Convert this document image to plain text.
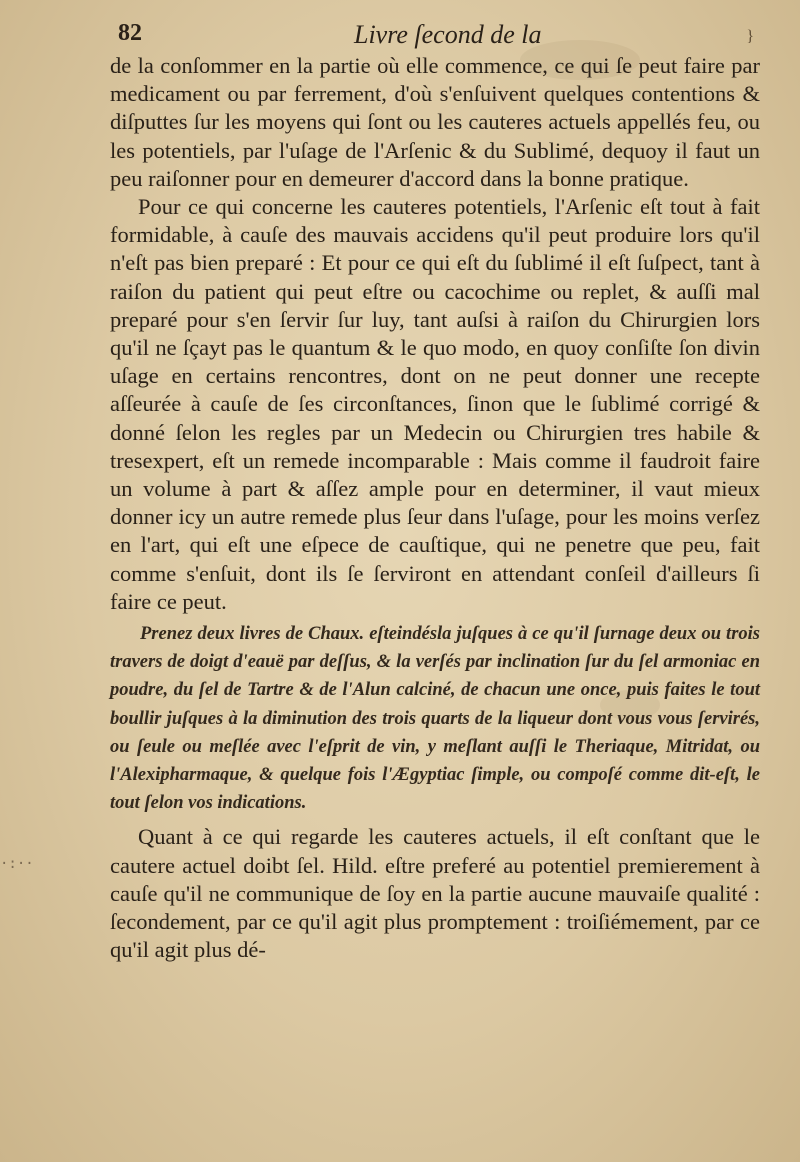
82	Livre ſecond de la	}
·:··

de la conſommer en la partie où elle commence, ce qui ſe peut faire par medicament ou par ferrement, d'où s'enſuivent quelques contentions & diſputtes ſur les moyens qui ſont ou les cauteres actuels appellés feu, ou les potentiels, par l'uſage de l'Arſenic & du Sublimé, dequoy il faut un peu raiſonner pour en demeurer d'accord dans la bonne pratique.

Pour ce qui concerne les cauteres potentiels, l'Arſenic eſt tout à fait formidable, à cauſe des mauvais accidens qu'il peut produire lors qu'il n'eſt pas bien preparé : Et pour ce qui eſt du ſublimé il eſt ſuſpect, tant à raiſon du patient qui peut eſtre ou cacochime ou replet, & auſſi mal preparé pour s'en ſervir ſur luy, tant auſsi à raiſon du Chirurgien lors qu'il ne ſçayt pas le quantum & le quo modo, en quoy conſiſte ſon divin uſage en certains rencontres, dont on ne peut donner une recepte aſſeurée à cauſe de ſes circonſtances, ſinon que le ſublimé corrigé & donné ſelon les regles par un Medecin ou Chirurgien tres habile & tresexpert, eſt un remede incomparable : Mais comme il faudroit faire un volume à part & aſſez ample pour en determiner, il vaut mieux donner icy un autre remede plus ſeur dans l'uſage, pour les moins verſez en l'art, qui eſt une eſpece de cauſtique, qui ne penetre que peu, fait comme s'enſuit, dont ils ſe ſerviront en attendant conſeil d'ailleurs ſi faire ce peut.

Prenez deux livres de Chaux. eſteindésla juſques à ce qu'il ſurnage deux ou trois travers de doigt d'eauë par deſſus, & la verſés par inclination ſur du ſel armoniac en poudre, du ſel de Tartre & de l'Alun calciné, de chacun une once, puis faites le tout boullir juſques à la diminution des trois quarts de la liqueur dont vous vous ſervirés, ou ſeule ou meſlée avec l'eſprit de vin, y meſlant auſſi le Theriaque, Mitridat, ou l'Alexipharmaque, & quelque fois l'Ægyptiac ſimple, ou compoſé comme dit-eſt, le tout ſelon vos indications.

Quant à ce qui regarde les cauteres actuels, il eſt conſtant que le cautere actuel doibt ſel. Hild. eſtre preferé au potentiel premierement à cauſe qu'il ne communique de ſoy en la partie aucune mauvaiſe qualité : ſecondement, par ce qu'il agit plus promptement : troiſiémement, par ce qu'il agit plus dé-
